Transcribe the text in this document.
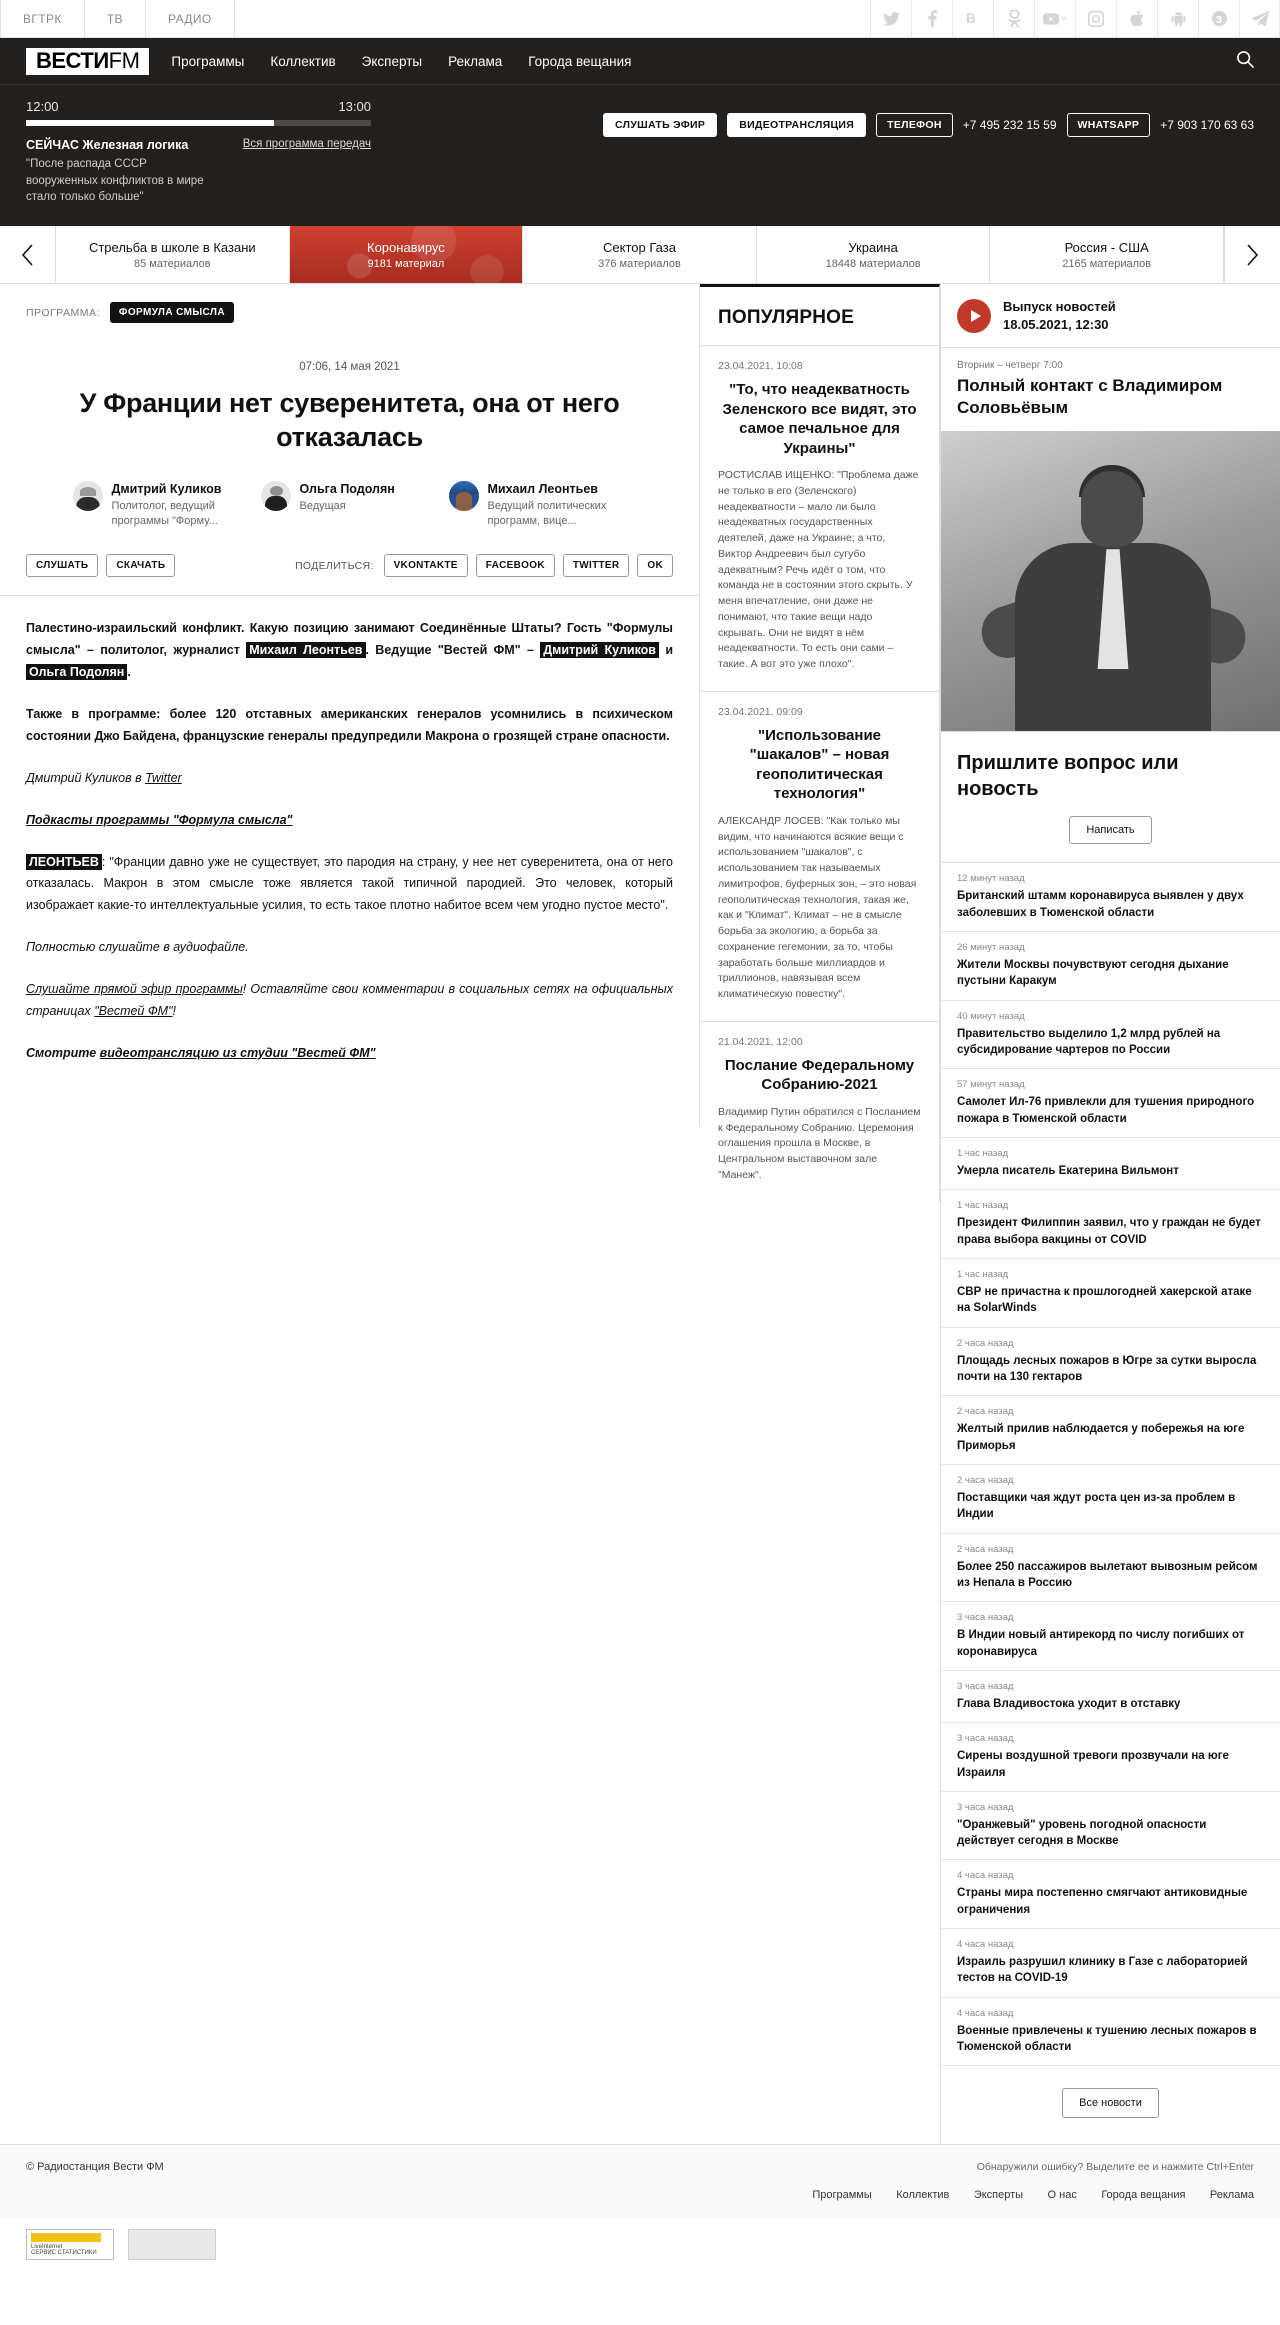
ВГТРК	ТВ	РАДИО	B	З
ВЕСТИFM	Программы Коллектив Эксперты Реклама Города вещания
12:00	13:00
СЕЙЧАС Железная логика
"После распада СССР вооруженных конфликтов в мире стало только больше"
Вся программа передач
СЛУШАТЬ ЭФИР	ВИДЕОТРАНСЛЯЦИЯ	ТЕЛЕФОН	+7 495 232 15 59	WHATSAPP	+7 903 170 63 63
Стрельба в школе в Казани
85 материалов
Коронавирус
9181 материал
Сектор Газа
376 материалов
Украина
18448 материалов
Россия - США
2165 материалов
ПРОГРАММА:	ФОРМУЛА СМЫСЛА
07:06, 14 мая 2021
У Франции нет суверенитета, она от него отказалась
Дмитрий Куликов
Политолог, ведущий программы "Форму...
Ольга Подолян
Ведущая
Михаил Леонтьев
Ведущий политических программ, вице...
СЛУШАТЬ	СКАЧАТЬ	ПОДЕЛИТЬСЯ:	VKONTAKTE	FACEBOOK	TWITTER	OK

Палестино-израильский конфликт. Какую позицию занимают Соединённые Штаты? Гость "Формулы смысла" – политолог, журналист Михаил Леонтьев . Ведущие "Вестей ФМ" – Дмитрий Куликов и Ольга Подолян .

Также в программе: более 120 отставных американских генералов усомнились в психическом состоянии Джо Байдена, французские генералы предупредили Макрона о грозящей стране опасности.

Дмитрий Куликов в Twitter

Подкасты программы "Формула смысла"

ЛЕОНТЬЕВ : "Франции давно уже не существует, это пародия на страну, у нее нет суверенитета, она от него отказалась. Макрон в этом смысле тоже является такой типичной пародией. Это человек, который изображает какие-то интеллектуальные усилия, то есть такое плотно набитое всем чем угодно пустое место".

Полностью слушайте в аудиофайле.

Слушайте прямой эфир программы! Оставляйте свои комментарии в социальных сетях на официальных страницах "Вестей ФМ"!

Смотрите видеотрансляцию из студии "Вестей ФМ"

ПОПУЛЯРНОЕ
23.04.2021, 10:08
"То, что неадекватность Зеленского все видят, это самое печальное для Украины"
РОСТИСЛАВ ИЩЕНКО: "Проблема даже не только в его (Зеленского) неадекватности – мало ли было неадекватных государственных деятелей, даже на Украине; а что, Виктор Андреевич был сугубо адекватным? Речь идёт о том, что команда не в состоянии этого скрыть. У меня впечатление, они даже не понимают, что такие вещи надо скрывать. Они не видят в нём неадекватности. То есть они сами – такие. А вот это уже плохо".
23.04.2021, 09:09
"Использование "шакалов" – новая геополитическая технология"
АЛЕКСАНДР ЛОСЕВ: "Как только мы видим, что начинаются всякие вещи с использованием "шакалов", с использованием так называемых лимитрофов, буферных зон, – это новая геополитическая технология, такая же, как и "Климат". Климат – не в смысле борьба за экологию, а борьба за сохранение гегемонии, за то, чтобы заработать больше миллиардов и триллионов, навязывая всем климатическую повестку".
21.04.2021, 12:00
Послание Федеральному Собранию-2021
Владимир Путин обратился с Посланием к Федеральному Собранию. Церемония оглашения прошла в Москве, в Центральном выставочном зале "Манеж".
Выпуск новостей
18.05.2021, 12:30
Вторник – четверг 7:00
Полный контакт с Владимиром Соловьёвым
Пришлите вопрос или новость
Написать
12 минут назад
Британский штамм коронавируса выявлен у двух заболевших в Тюменской области
26 минут назад
Жители Москвы почувствуют сегодня дыхание пустыни Каракум
40 минут назад
Правительство выделило 1,2 млрд рублей на субсидирование чартеров по России
57 минут назад
Самолет Ил-76 привлекли для тушения природного пожара в Тюменской области
1 час назад
Умерла писатель Екатерина Вильмонт
1 час назад
Президент Филиппин заявил, что у граждан не будет права выбора вакцины от COVID
1 час назад
СВР не причастна к прошлогодней хакерской атаке на SolarWinds
2 часа назад
Площадь лесных пожаров в Югре за сутки выросла почти на 130 гектаров
2 часа назад
Желтый прилив наблюдается у побережья на юге Приморья
2 часа назад
Поставщики чая ждут роста цен из-за проблем в Индии
2 часа назад
Более 250 пассажиров вылетают вывозным рейсом из Непала в Россию
3 часа назад
В Индии новый антирекорд по числу погибших от коронавируса
3 часа назад
Глава Владивостока уходит в отставку
3 часа назад
Сирены воздушной тревоги прозвучали на юге Израиля
3 часа назад
"Оранжевый" уровень погодной опасности действует сегодня в Москве
4 часа назад
Страны мира постепенно смягчают антиковидные ограничения
4 часа назад
Израиль разрушил клинику в Газе с лабораторией тестов на COVID-19
4 часа назад
Военные привлечены к тушению лесных пожаров в Тюменской области
Все новости
© Радиостанция Вести ФМ	Обнаружили ошибку? Выделите ее и нажмите Ctrl+Enter
Программы Коллектив Эксперты О нас Города вещания Реклама
LiveInternet
СЕРВИС СТАТИСТИКИ
